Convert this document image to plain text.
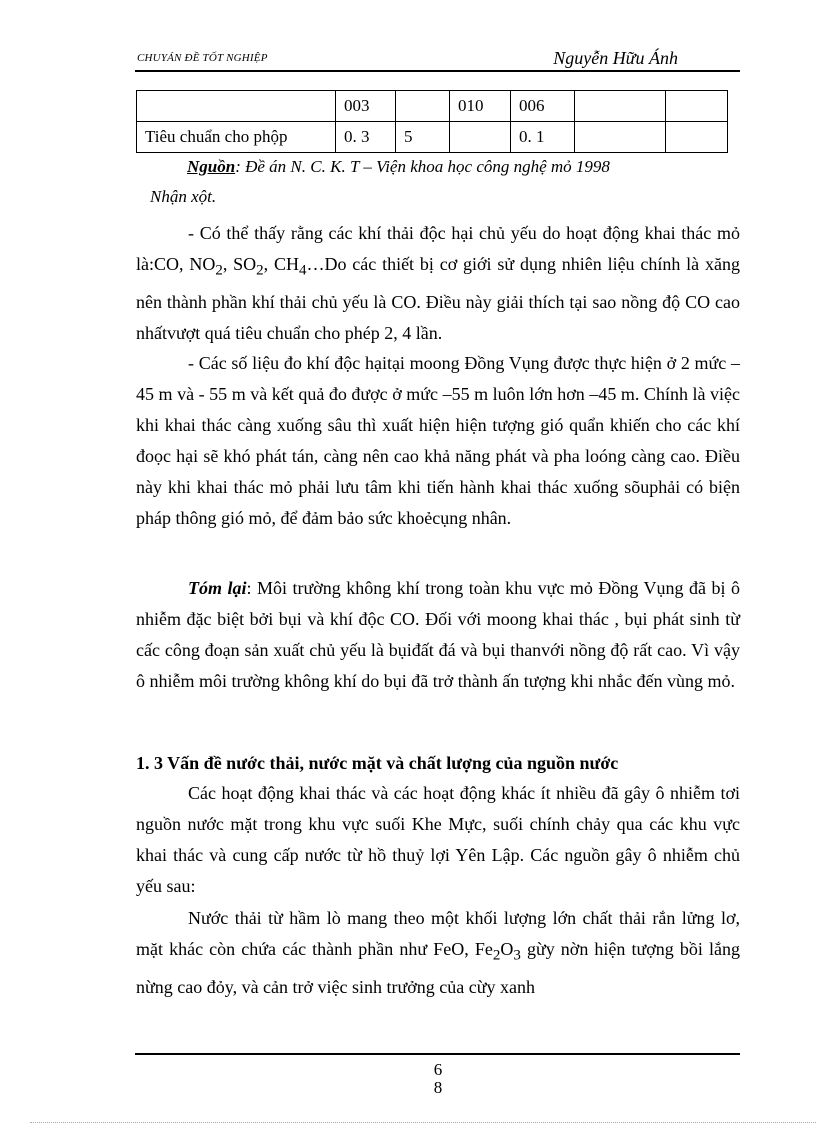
CHUYÁN ĐỀ TỐT NGHIỆP	Nguyễn Hữu Ánh
	003		010	006		
Tiêu chuẩn cho phộp	0. 3	5		0. 1		
Nguồn: Đề án N. C. K. T – Viện khoa học công nghệ mỏ 1998
Nhận xột.

- Có thể thấy rằng các khí thải độc hại chủ yếu do hoạt động khai thác mỏ là:CO, $NO_2$, $SO_2$, $CH_4\dots Do$ các thiết bị cơ giới sử dụng nhiên liệu chính là xăng nên thành phần khí thải chủ yếu là CO. Điều này giải thích tại sao nồng độ CO cao nhấtvượt quá tiêu chuẩn cho phép 2, 4 lần.

- Các số liệu đo khí độc hạitại moong Đồng Vụng được thực hiện ở 2 mức –45 m và - 55 m và kết quả đo được ở mức –55 m luôn lớn hơn –45 m. Chính là việc khi khai thác càng xuống sâu thì xuất hiện hiện tượng gió quẩn khiến cho các khí đoọc hại sẽ khó phát tán, càng nên cao khả năng phát và pha loóng càng cao. Điều này khi khai thác mỏ phải lưu tâm khi tiến hành khai thác xuống sõuphải có biện pháp thông gió mỏ, để đảm bảo sức khoẻcụng nhân.

Tóm lại: Môi trường không khí trong toàn khu vực mỏ Đồng Vụng đã bị ô nhiễm đặc biệt bởi bụi và khí độc CO. Đối với moong khai thác , bụi phát sinh từ cấc công đoạn sản xuất chủ yếu là bụiđất đá và bụi thanvới nồng độ rất cao. Vì vậy ô nhiễm môi trường không khí do bụi đã trở thành ấn tượng khi nhắc đến vùng mỏ.

1. 3 Vấn đề nước thải, nước mặt và chất lượng của nguồn nước

Các hoạt động khai thác và các hoạt động khác ít nhiều đã gây ô nhiễm tơi nguồn nước mặt trong khu vực suối Khe Mực, suối chính chảy qua các khu vực khai thác và cung cấp nước từ hồ thuỷ lợi Yên Lập. Các nguồn gây ô nhiễm chủ yếu sau:

Nước thải từ hầm lò mang theo một khối lượng lớn chất thải rắn lửng lơ, mặt khác còn chứa các thành phần như FeO, $Fe_2O_3$ gừy nờn hiện tượng bồi lắng nừng cao đỏy, và cản trở việc sinh trưởng của cừy xanh

6
8
